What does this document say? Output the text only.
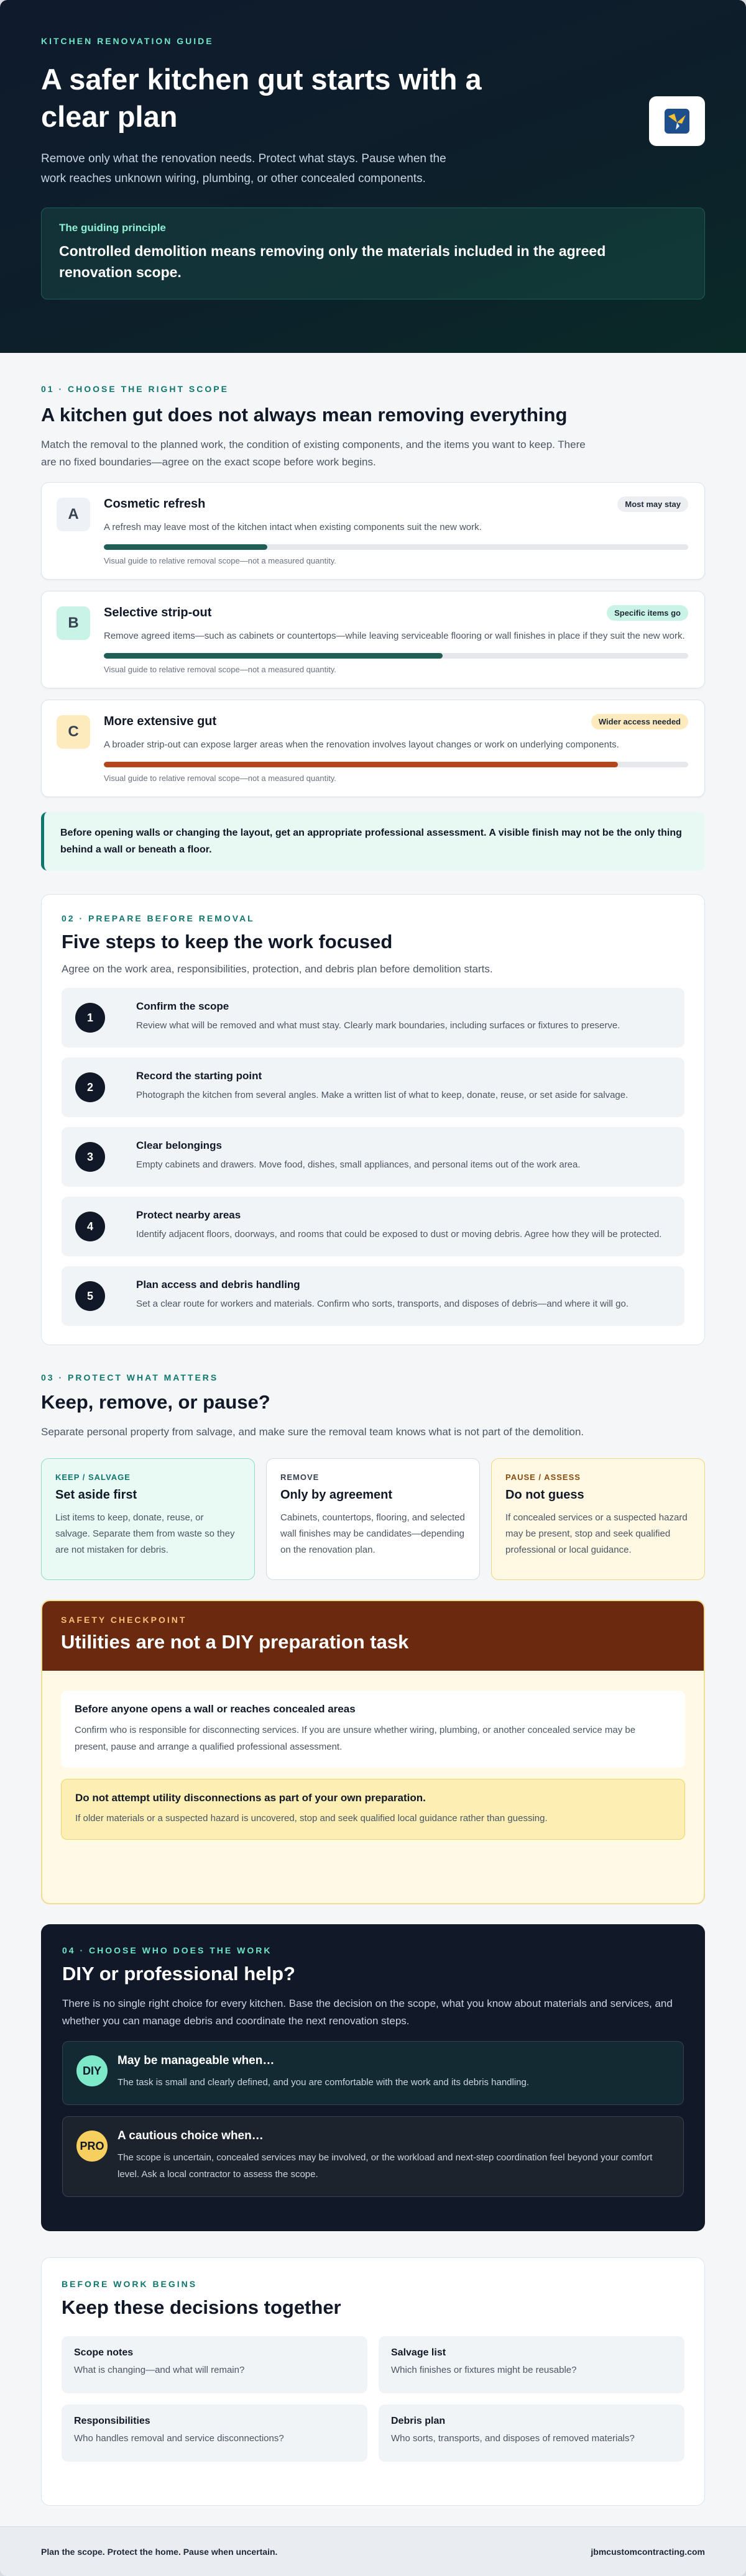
KITCHEN RENOVATION GUIDE
A safer kitchen gut starts with a clear plan

Remove only what the renovation needs. Protect what stays. Pause when the work reaches unknown wiring, plumbing, or other concealed components.

The guiding principle
Controlled demolition means removing only the materials included in the agreed renovation scope.
01 · CHOOSE THE RIGHT SCOPE
A kitchen gut does not always mean removing everything

Match the removal to the planned work, the condition of existing components, and the items you want to keep. There are no fixed boundaries—agree on the exact scope before work begins.

A
Cosmetic refresh	Most may stay
A refresh may leave most of the kitchen intact when existing components suit the new work.
Visual guide to relative removal scope—not a measured quantity.
B
Selective strip-out	Specific items go
Remove agreed items—such as cabinets or countertops—while leaving serviceable flooring or wall finishes in place if they suit the new work.
Visual guide to relative removal scope—not a measured quantity.
C
More extensive gut	Wider access needed
A broader strip-out can expose larger areas when the renovation involves layout changes or work on underlying components.
Visual guide to relative removal scope—not a measured quantity.
Before opening walls or changing the layout, get an appropriate professional assessment. A visible finish may not be the only thing behind a wall or beneath a floor.
02 · PREPARE BEFORE REMOVAL
Five steps to keep the work focused

Agree on the work area, responsibilities, protection, and debris plan before demolition starts.

1
Confirm the scope
Review what will be removed and what must stay. Clearly mark boundaries, including surfaces or fixtures to preserve.
2
Record the starting point
Photograph the kitchen from several angles. Make a written list of what to keep, donate, reuse, or set aside for salvage.
3
Clear belongings
Empty cabinets and drawers. Move food, dishes, small appliances, and personal items out of the work area.
4
Protect nearby areas
Identify adjacent floors, doorways, and rooms that could be exposed to dust or moving debris. Agree how they will be protected.
5
Plan access and debris handling
Set a clear route for workers and materials. Confirm who sorts, transports, and disposes of debris—and where it will go.
03 · PROTECT WHAT MATTERS
Keep, remove, or pause?

Separate personal property from salvage, and make sure the removal team knows what is not part of the demolition.

KEEP / SALVAGE
Set aside first
List items to keep, donate, reuse, or salvage. Separate them from waste so they are not mistaken for debris.
REMOVE
Only by agreement
Cabinets, countertops, flooring, and selected wall finishes may be candidates—depending on the renovation plan.
PAUSE / ASSESS
Do not guess
If concealed services or a suspected hazard may be present, stop and seek qualified professional or local guidance.
SAFETY CHECKPOINT
Utilities are not a DIY preparation task
Before anyone opens a wall or reaches concealed areas
Confirm who is responsible for disconnecting services. If you are unsure whether wiring, plumbing, or another concealed service may be present, pause and arrange a qualified professional assessment.
Do not attempt utility disconnections as part of your own preparation.
If older materials or a suspected hazard is uncovered, stop and seek qualified local guidance rather than guessing.
04 · CHOOSE WHO DOES THE WORK
DIY or professional help?

There is no single right choice for every kitchen. Base the decision on the scope, what you know about materials and services, and whether you can manage debris and coordinate the next renovation steps.

DIY
May be manageable when…
The task is small and clearly defined, and you are comfortable with the work and its debris handling.
PRO
A cautious choice when…
The scope is uncertain, concealed services may be involved, or the workload and next-step coordination feel beyond your comfort level. Ask a local contractor to assess the scope.
BEFORE WORK BEGINS
Keep these decisions together
Scope notes
What is changing—and what will remain?
Salvage list
Which finishes or fixtures might be reusable?
Responsibilities
Who handles removal and service disconnections?
Debris plan
Who sorts, transports, and disposes of removed materials?
Plan the scope. Protect the home. Pause when uncertain.	jbmcustomcontracting.com
